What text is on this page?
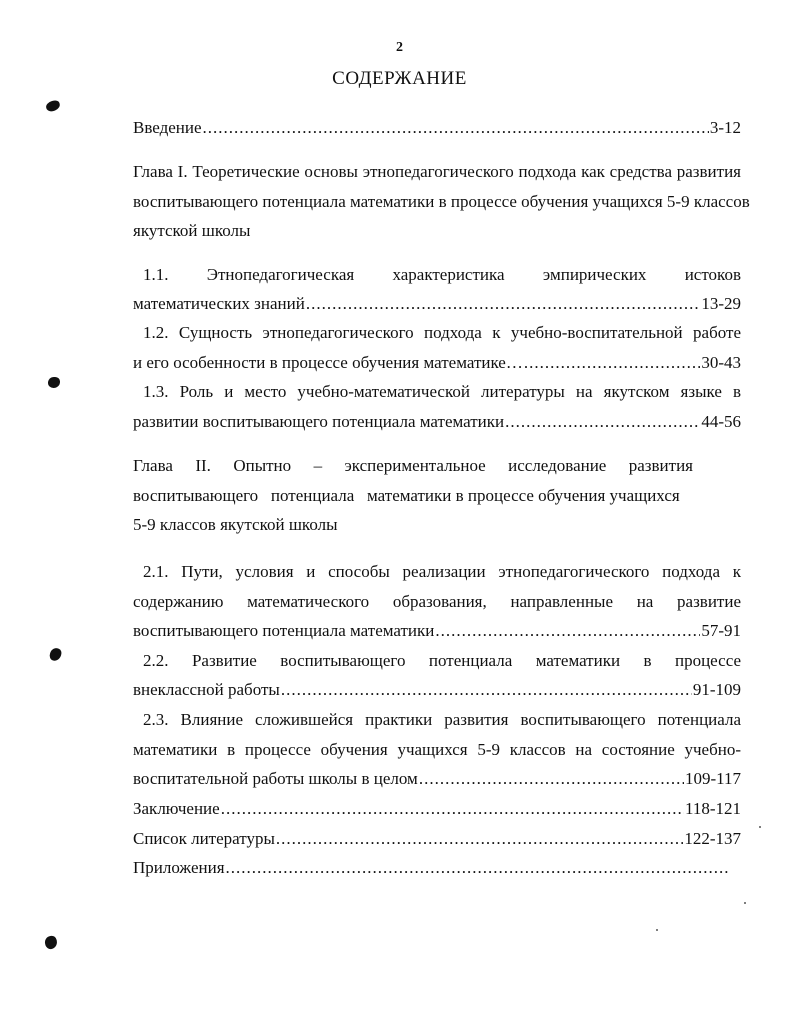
2
СОДЕРЖАНИЕ
Введение .....	3-12
Глава I. Теоретические основы этнопедагогического подхода как средства развития
воспитывающего потенциала математики в процессе обучения учащихся 5-9 классов
якутской школы
1.1. Этнопедагогическая характеристика эмпирических истоков
математических знаний .....	13-29
1.2. Сущность этнопедагогического подхода к учебно-воспитательной работе
и его особенности в процессе обучения математике… .....	30-43
1.3. Роль и место учебно-математической литературы на якутском языке в
развитии воспитывающего потенциала математики .....	44-56
Глава II. Опытно – экспериментальное исследование развития
воспитывающего   потенциала   математики в процессе обучения учащихся
5-9 классов якутской школы
2.1. Пути, условия и способы реализации этнопедагогического подхода к
содержанию математического образования, направленные на развитие
воспитывающего потенциала математики .....	57-91
2.2. Развитие воспитывающего потенциала математики в процессе
внеклассной работы .....	91-109
2.3. Влияние сложившейся практики развития воспитывающего потенциала
математики в процессе обучения учащихся 5-9 классов на состояние учебно-
воспитательной работы школы в целом .....	109-117
Заключение .....	118-121
Список литературы .....	122-137
Приложения
.....
